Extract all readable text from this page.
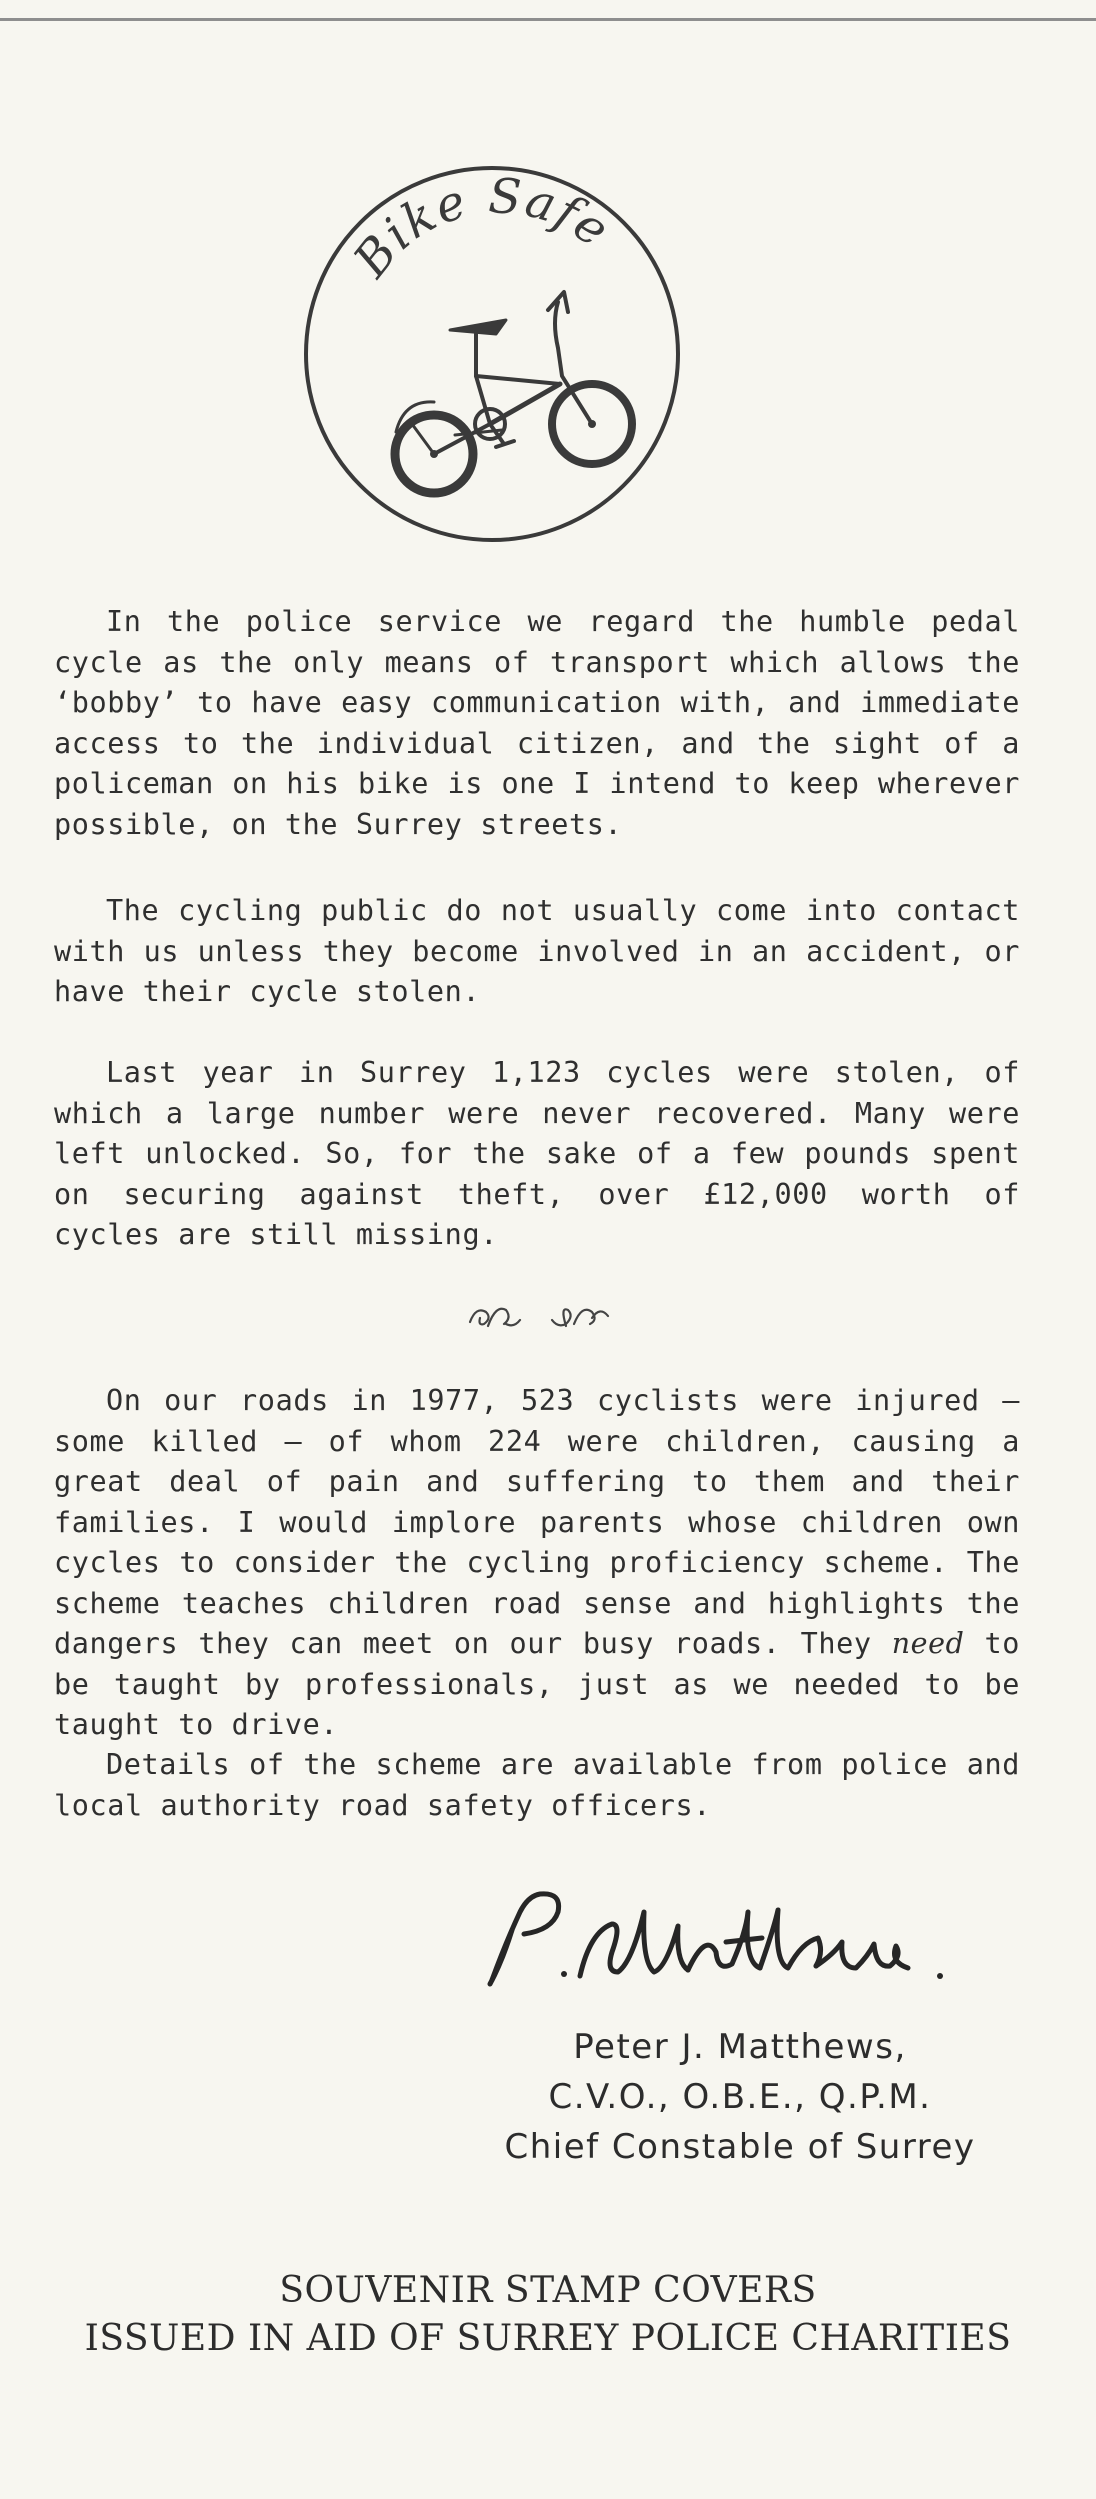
Bike Safe

In the police service we regard the humble pedal cycle as the only means of transport which allows the ‘bobby’ to have easy communication with, and immediate access to the individual citizen, and the sight of a policeman on his bike is one I intend to keep wherever possible, on the Surrey streets.

The cycling public do not usually come into contact with us unless they become involved in an accident, or have their cycle stolen.

Last year in Surrey 1,123 cycles were stolen, of which a large number were never recovered. Many were left unlocked. So, for the sake of a few pounds spent on securing against theft, over £12,000 worth of cycles are still missing.

On our roads in 1977, 523 cyclists were injured – some killed – of whom 224 were children, causing a great deal of pain and suffering to them and their families. I would implore parents whose children own cycles to consider the cycling proficiency scheme. The scheme teaches children road sense and highlights the dangers they can meet on our busy roads. They need to be taught by professionals, just as we needed to be taught to drive.

Details of the scheme are available from police and local authority road safety officers.

Peter J. Matthews,
C.V.O., O.B.E., Q.P.M.
Chief Constable of Surrey
SOUVENIR STAMP COVERS
ISSUED IN AID OF SURREY POLICE CHARITIES
